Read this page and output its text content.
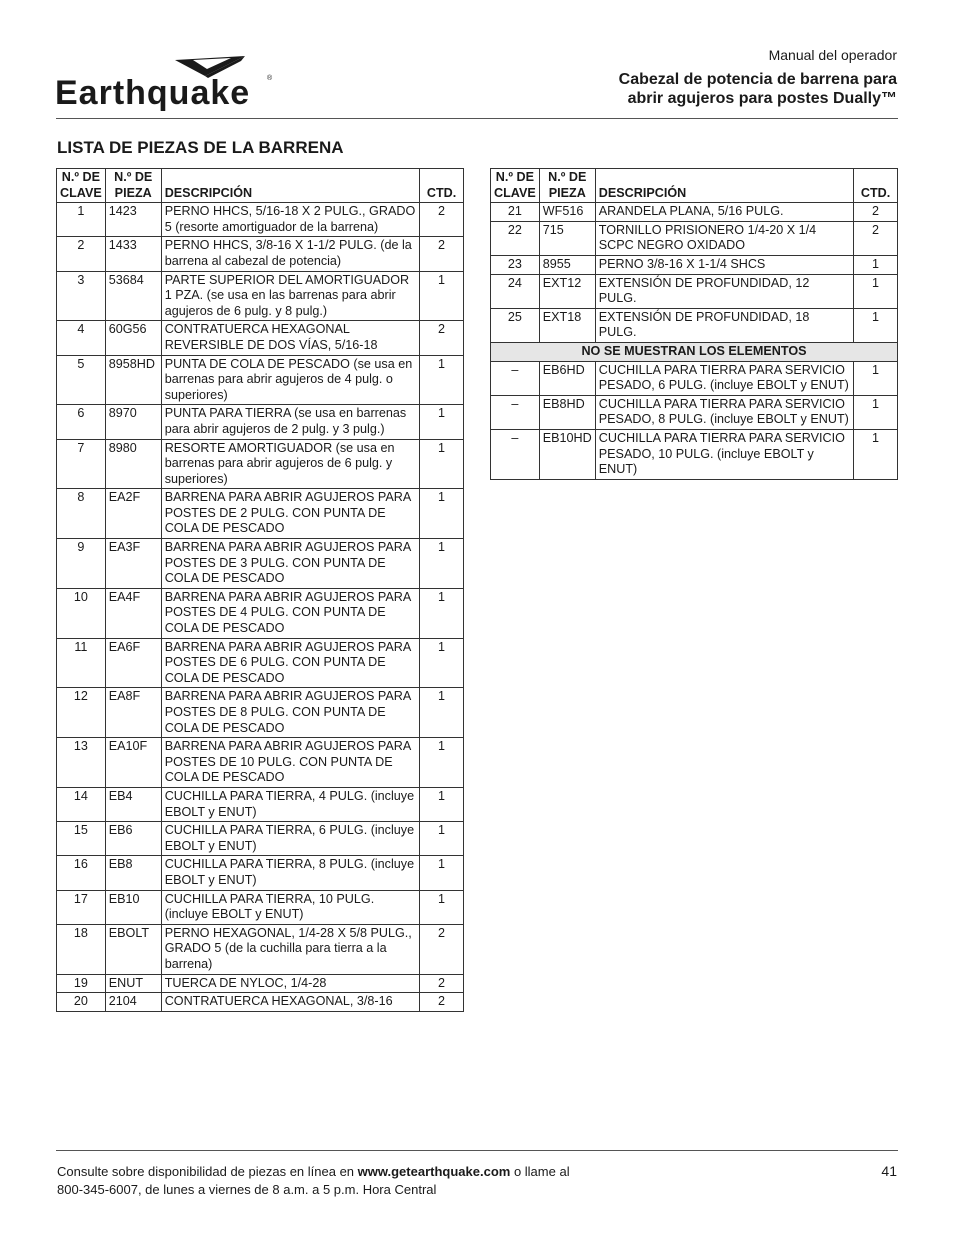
Manual del operador
Cabezal de potencia de barrena para
abrir agujeros para postes Dually™
Earthquake ®
LISTA DE PIEZAS DE LA BARRENA
N.º DE
CLAVE	N.º DE
PIEZA	DESCRIPCIÓN	CTD.
1	1423	PERNO HHCS, 5/16-18 X 2 PULG., GRADO 5 (resorte amortiguador de la barrena)	2
2	1433	PERNO HHCS, 3/8-16 X 1-1/2 PULG. (de la barrena al cabezal de potencia)	2
3	53684	PARTE SUPERIOR DEL AMORTIGUADOR 1 PZA. (se usa en las barrenas para abrir agujeros de 6 pulg. y 8 pulg.)	1
4	60G56	CONTRATUERCA HEXAGONAL REVERSIBLE DE DOS VÍAS, 5/16-18	2
5	8958HD	PUNTA DE COLA DE PESCADO (se usa en barrenas para abrir agujeros de 4 pulg. o superiores)	1
6	8970	PUNTA PARA TIERRA (se usa en barrenas para abrir agujeros de 2 pulg. y 3 pulg.)	1
7	8980	RESORTE AMORTIGUADOR (se usa en barrenas para abrir agujeros de 6 pulg. y superiores)	1
8	EA2F	BARRENA PARA ABRIR AGUJEROS PARA POSTES DE 2 PULG. CON PUNTA DE COLA DE PESCADO	1
9	EA3F	BARRENA PARA ABRIR AGUJEROS PARA POSTES DE 3 PULG. CON PUNTA DE COLA DE PESCADO	1
10	EA4F	BARRENA PARA ABRIR AGUJEROS PARA POSTES DE 4 PULG. CON PUNTA DE COLA DE PESCADO	1
11	EA6F	BARRENA PARA ABRIR AGUJEROS PARA POSTES DE 6 PULG. CON PUNTA DE COLA DE PESCADO	1
12	EA8F	BARRENA PARA ABRIR AGUJEROS PARA POSTES DE 8 PULG. CON PUNTA DE COLA DE PESCADO	1
13	EA10F	BARRENA PARA ABRIR AGUJEROS PARA POSTES DE 10 PULG. CON PUNTA DE COLA DE PESCADO	1
14	EB4	CUCHILLA PARA TIERRA, 4 PULG. (incluye EBOLT y ENUT)	1
15	EB6	CUCHILLA PARA TIERRA, 6 PULG. (incluye EBOLT y ENUT)	1
16	EB8	CUCHILLA PARA TIERRA, 8 PULG. (incluye EBOLT y ENUT)	1
17	EB10	CUCHILLA PARA TIERRA, 10 PULG. (incluye EBOLT y ENUT)	1
18	EBOLT	PERNO HEXAGONAL, 1/4-28 X 5/8 PULG., GRADO 5 (de la cuchilla para tierra a la barrena)	2
19	ENUT	TUERCA DE NYLOC, 1/4-28	2
20	2104	CONTRATUERCA HEXAGONAL, 3/8-16	2
N.º DE
CLAVE	N.º DE
PIEZA	DESCRIPCIÓN	CTD.
21	WF516	ARANDELA PLANA, 5/16 PULG.	2
22	715	TORNILLO PRISIONERO 1/4-20 X 1/4 SCPC NEGRO OXIDADO	2
23	8955	PERNO 3/8-16 X 1-1/4 SHCS	1
24	EXT12	EXTENSIÓN DE PROFUNDIDAD, 12 PULG.	1
25	EXT18	EXTENSIÓN DE PROFUNDIDAD, 18 PULG.	1
NO SE MUESTRAN LOS ELEMENTOS			
–	EB6HD	CUCHILLA PARA TIERRA PARA SERVICIO PESADO, 6 PULG. (incluye EBOLT y ENUT)	1
–	EB8HD	CUCHILLA PARA TIERRA PARA SERVICIO PESADO, 8 PULG. (incluye EBOLT y ENUT)	1
–	EB10HD	CUCHILLA PARA TIERRA PARA SERVICIO PESADO, 10 PULG. (incluye EBOLT y ENUT)	1
Consulte sobre disponibilidad de piezas en línea en www.getearthquake.com o llame al
800-345-6007, de lunes a viernes de 8 a.m. a 5 p.m. Hora Central
41
